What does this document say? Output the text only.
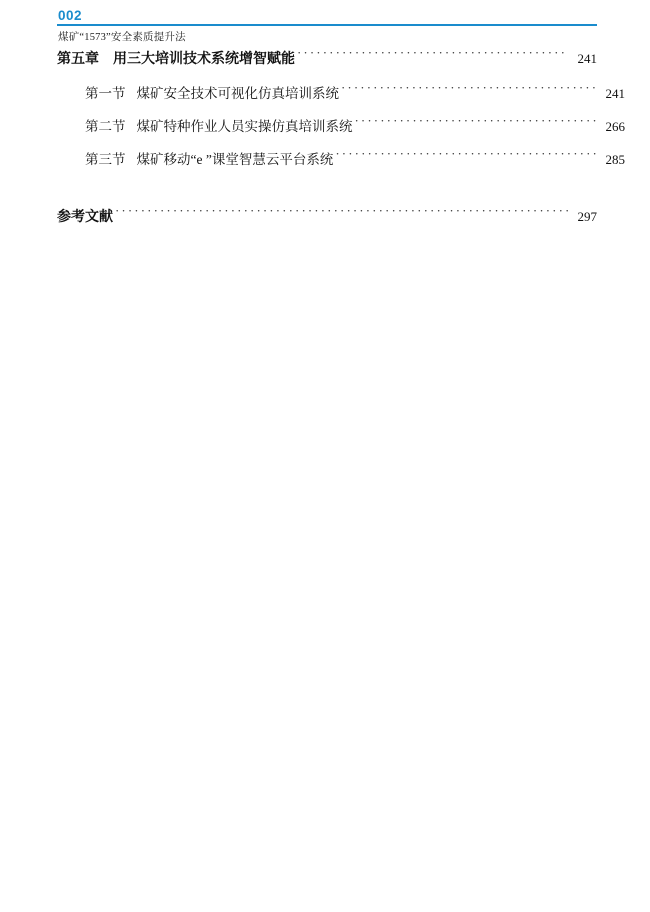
002
煤矿“1573”安全素质提升法
第五章 用三大培训技术系统增智赋能 ·····	241
第一节 煤矿安全技术可视化仿真培训系统 ·····	241
第二节 煤矿特种作业人员实操仿真培训系统 ·····	266
第三节 煤矿移动“e ”课堂智慧云平台系统 ·····	285
参考文献 ·····	297
